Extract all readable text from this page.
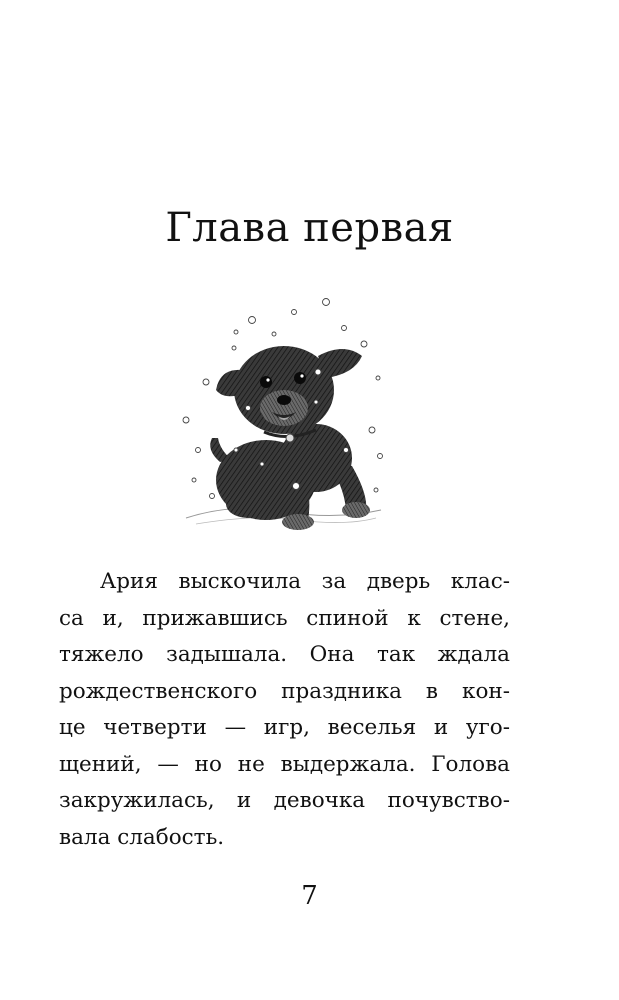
Глава первая
Ария выскочила за дверь клас-
са и, прижавшись спиной к стене,
тяжело задышала. Она так ждала
рождественского праздника в кон-
це четверти — игр, веселья и уго-
щений, — но не выдержала. Голова
закружилась, и девочка почувство-
вала слабость.
7
